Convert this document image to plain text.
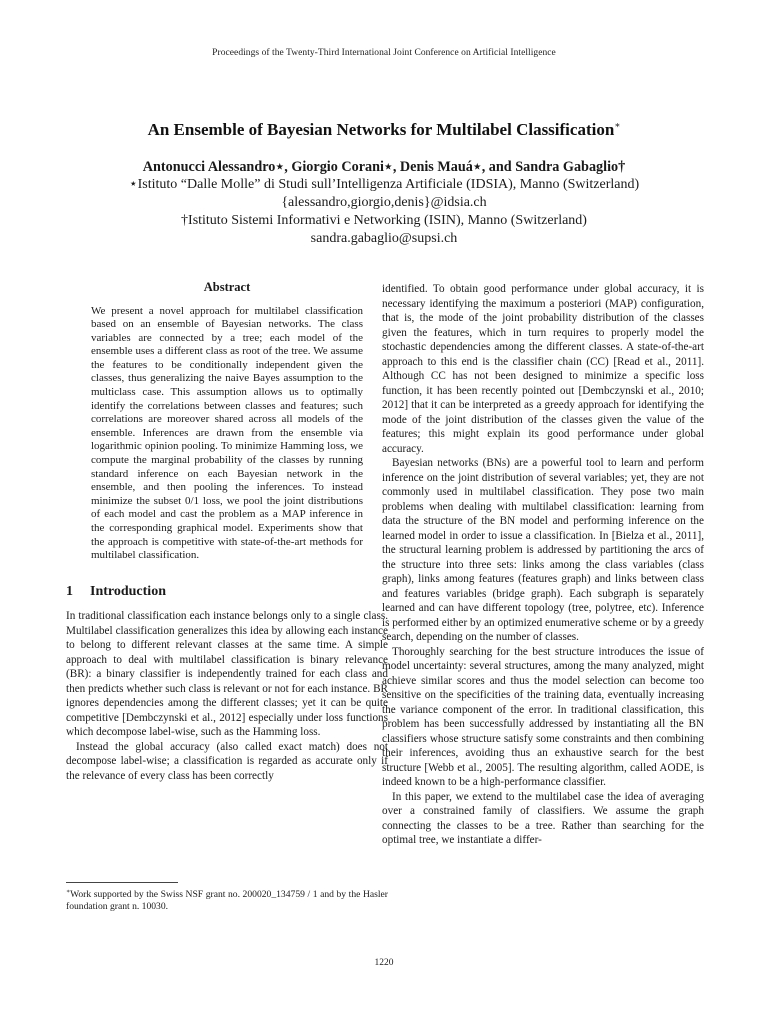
Proceedings of the Twenty-Third International Joint Conference on Artificial Intelligence
An Ensemble of Bayesian Networks for Multilabel Classification∗
Antonucci Alessandro⋆, Giorgio Corani⋆, Denis Mauá⋆, and Sandra Gabaglio†
⋆Istituto “Dalle Molle” di Studi sull’Intelligenza Artificiale (IDSIA), Manno (Switzerland)
{alessandro,giorgio,denis}@idsia.ch
†Istituto Sistemi Informativi e Networking (ISIN), Manno (Switzerland)
sandra.gabaglio@supsi.ch
Abstract

We present a novel approach for multilabel classification based on an ensemble of Bayesian networks. The class variables are connected by a tree; each model of the ensemble uses a different class as root of the tree. We assume the features to be conditionally independent given the classes, thus generalizing the naive Bayes assumption to the multiclass case. This assumption allows us to optimally identify the correlations between classes and features; such correlations are moreover shared across all models of the ensemble. Inferences are drawn from the ensemble via logarithmic opinion pooling. To minimize Hamming loss, we compute the marginal probability of the classes by running standard inference on each Bayesian network in the ensemble, and then pooling the inferences. To instead minimize the subset 0/1 loss, we pool the joint distributions of each model and cast the problem as a MAP inference in the corresponding graphical model. Experiments show that the approach is competitive with state-of-the-art methods for multilabel classification.

1 Introduction

In traditional classification each instance belongs only to a single class. Multilabel classification generalizes this idea by allowing each instance to belong to different relevant classes at the same time. A simple approach to deal with multilabel classification is binary relevance (BR): a binary classifier is independently trained for each class and then predicts whether such class is relevant or not for each instance. BR ignores dependencies among the different classes; yet it can be quite competitive [Dembczynski et al., 2012] especially under loss functions which decompose label-wise, such as the Hamming loss.

Instead the global accuracy (also called exact match) does not decompose label-wise; a classification is regarded as accurate only if the relevance of every class has been correctly

identified. To obtain good performance under global accuracy, it is necessary identifying the maximum a posteriori (MAP) configuration, that is, the mode of the joint probability distribution of the classes given the features, which in turn requires to properly model the stochastic dependencies among the different classes. A state-of-the-art approach to this end is the classifier chain (CC) [Read et al., 2011]. Although CC has not been designed to minimize a specific loss function, it has been recently pointed out [Dembczynski et al., 2010; 2012] that it can be interpreted as a greedy approach for identifying the mode of the joint distribution of the classes given the value of the features; this might explain its good performance under global accuracy.

Bayesian networks (BNs) are a powerful tool to learn and perform inference on the joint distribution of several variables; yet, they are not commonly used in multilabel classification. They pose two main problems when dealing with multilabel classification: learning from data the structure of the BN model and performing inference on the learned model in order to issue a classification. In [Bielza et al., 2011], the structural learning problem is addressed by partitioning the arcs of the structure into three sets: links among the class variables (class graph), links among features (features graph) and links between class and features variables (bridge graph). Each subgraph is separately learned and can have different topology (tree, polytree, etc). Inference is performed either by an optimized enumerative scheme or by a greedy search, depending on the number of classes.

Thoroughly searching for the best structure introduces the issue of model uncertainty: several structures, among the many analyzed, might achieve similar scores and thus the model selection can become too sensitive on the specificities of the training data, eventually increasing the variance component of the error. In traditional classification, this problem has been successfully addressed by instantiating all the BN classifiers whose structure satisfy some constraints and then combining their inferences, avoiding thus an exhaustive search for the best structure [Webb et al., 2005]. The resulting algorithm, called AODE, is indeed known to be a high-performance classifier.

In this paper, we extend to the multilabel case the idea of averaging over a constrained family of classifiers. We assume the graph connecting the classes to be a tree. Rather than searching for the optimal tree, we instantiate a differ-

∗Work supported by the Swiss NSF grant no. 200020_134759 / 1 and by the Hasler foundation grant n. 10030.
1220
